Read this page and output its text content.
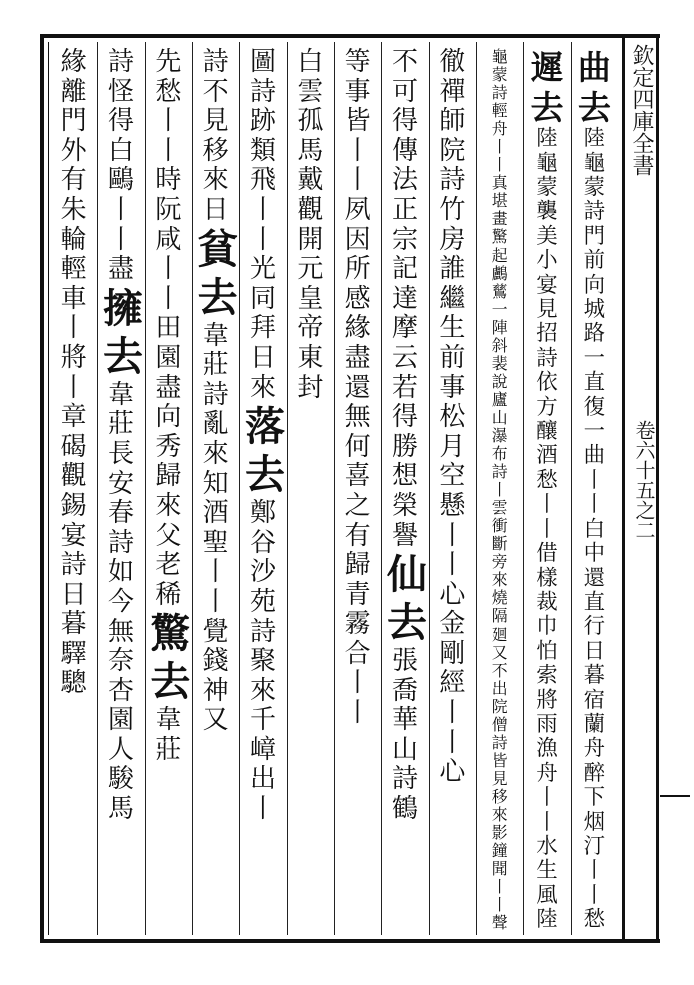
欽定四庫全書
卷六十五之二
曲
去
陸
龜
蒙
詩
門
前
向
城
路
一
直
復
一
曲
丨
丨
白
中
還
直
行
日
暮
宿
蘭
舟
醉
下
烟
汀
丨
丨
愁
遲
去
陸
龜
蒙
襲
美
小
宴
見
招
詩
依
方
釀
酒
愁
丨
丨
借
樣
裁
巾
怕
索
將
雨
漁
舟
丨
丨
水
生
風
陸
龜
蒙
詩
輕
舟
丨
丨
真
堪
畫
驚
起
鸕
鶿
一
陣
斜
裴
說
廬
山
瀑
布
詩
丨
雲
衝
斷
旁
來
燒
隔
廻
又
不
出
院
僧
詩
皆
見
移
來
影
鐘
聞
丨
丨
聲
徹
禪
師
院
詩
竹
房
誰
繼
生
前
事
松
月
空
懸
丨
丨
心
金
剛
經
丨
丨
心
不
可
得
傳
法
正
宗
記
達
摩
云
若
得
勝
想
榮
譽
仙
去
張
喬
華
山
詩
鶴
等
事
皆
丨
丨
夙
因
所
感
緣
盡
還
無
何
喜
之
有
歸
青
霧
合
丨
丨
白
雲
孤
馬
戴
觀
開
元
皇
帝
東
封
圖
詩
跡
類
飛
丨
丨
光
同
拜
日
來
落
去
鄭
谷
沙
苑
詩
聚
來
千
嶂
出
丨
詩
不
見
移
來
日
貧
去
韋
莊
詩
亂
來
知
酒
聖
丨
丨
覺
錢
神
又
先
愁
丨
丨
時
阮
咸
丨
丨
田
園
盡
向
秀
歸
來
父
老
稀
驚
去
韋
莊
詩
怪
得
白
鷗
丨
丨
盡
擁
去
韋
莊
長
安
春
詩
如
今
無
奈
杏
園
人
駿
馬
緣
離
門
外
有
朱
輪
輕
車
丨
將
丨
章
碣
觀
錫
宴
詩
日
暮
驛
驄
